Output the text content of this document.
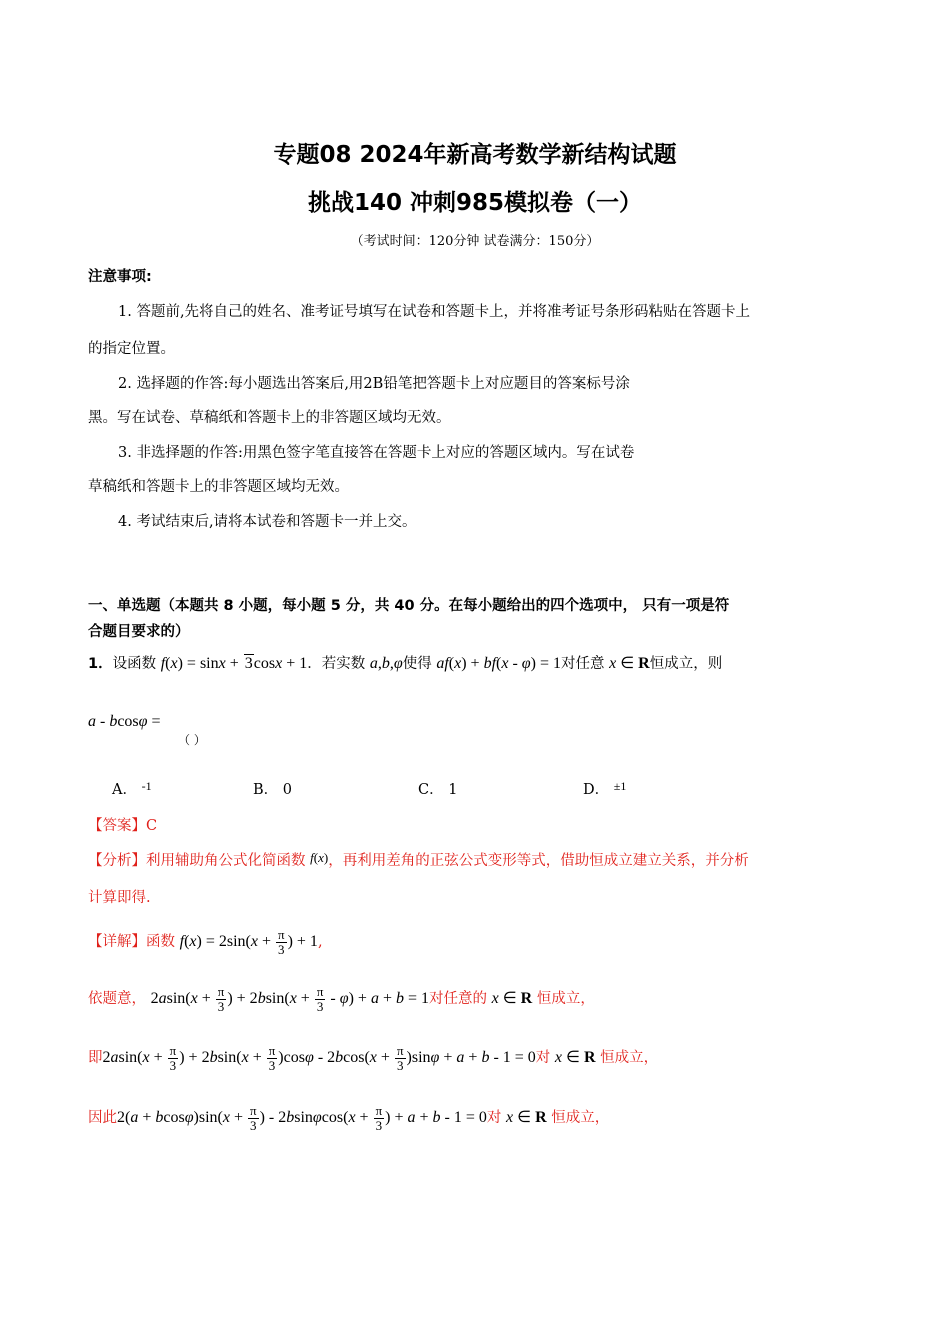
专题08 2024年新高考数学新结构试题
挑战140 冲刺985模拟卷（一）
（考试时间：120分钟 试卷满分：150分）
注意事项:
1. 答题前,先将自己的姓名、准考证号填写在试卷和答题卡上，并将准考证号条形码粘贴在答题卡上
的指定位置。
2. 选择题的作答:每小题选出答案后,用2B铅笔把答题卡上对应题目的答案标号涂
黑。写在试卷、草稿纸和答题卡上的非答题区域均无效。
3. 非选择题的作答:用黑色签字笔直接答在答题卡上对应的答题区域内。写在试卷
草稿纸和答题卡上的非答题区域均无效。
4. 考试结束后,请将本试卷和答题卡一并上交。
一、单选题（本题共 8 小题，每小题 5 分，共 40 分。在每小题给出的四个选项中， 只有一项是符
合题目要求的）
1．设函数 f(x) = sinx + 3cosx + 1．若实数 a,b,φ使得 af(x) + bf(x - φ) = 1对任意 x ∈ R恒成立，则
a - bcosφ =
（ ）
A． $^{-1}$	B． 0	C． 1	D． $^{\pm 1}$
【答案】C
【分析】利用辅助角公式化简函数 f(x)，再利用差角的正弦公式变形等式，借助恒成立建立关系，并分析
计算即得.
【详解】函数 $f(x) = 2\sin(x + \frac{\pi}{3}$ ) + 1,
依题意， $2asin(x + \frac{\pi}{3}$ ) + $2bsin(x + \frac{\pi}{3} - \varphi) + a + b = 1$对任意的 x ∈ R 恒成立，
即$2asin(x + \frac{\pi}{3}$ ) + $2bsin(x + \frac{\pi}{3} )\cos\varphi - 2bcos(x + \frac{\pi}{3} )\sin\varphi + a + b - 1 = 0$对 x ∈ R 恒成立，
因此$2(a + bcos\varphi)\sin(x + \frac{\pi}{3}$ ) - $2bsin\varphi\cos(x + \frac{\pi}{3}$ ) + a + b - 1 = 0对 x ∈ R 恒成立，
